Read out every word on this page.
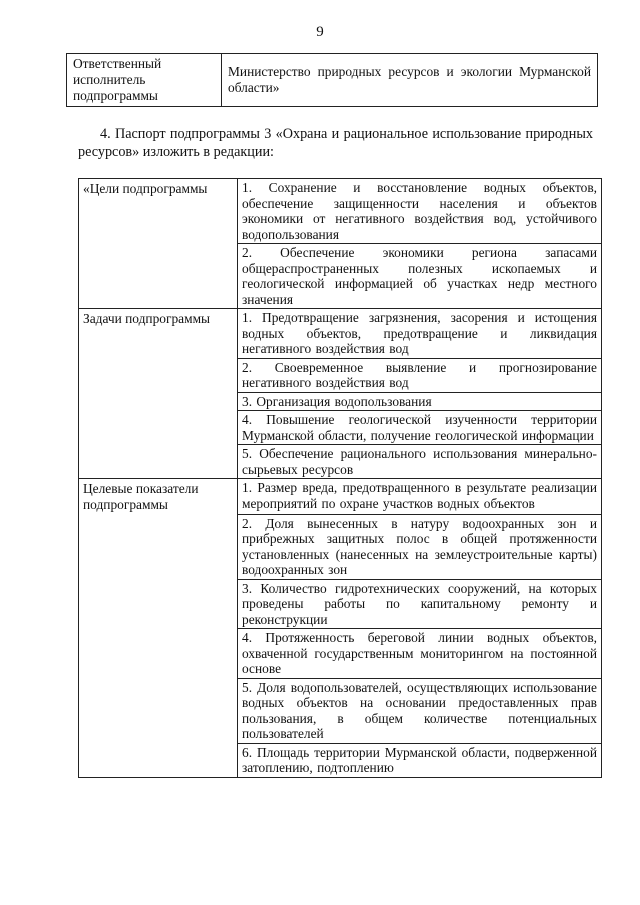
9
Ответственный исполнитель подпрограммы	Министерство природных ресурсов и экологии Мурманской области»
4. Паспорт подпрограммы 3 «Охрана и рациональное использование природных ресурсов» изложить в редакции:
«Цели подпрограммы	1. Сохранение и восстановление водных объектов, обеспечение защищенности населения и объектов экономики от негативного воздействия вод, устойчивого водопользования
	2. Обеспечение экономики региона запасами общераспространенных полезных ископаемых и геологической информацией об участках недр местного значения
Задачи подпрограммы	1. Предотвращение загрязнения, засорения и истощения водных объектов, предотвращение и ликвидация негативного воздействия вод
	2. Своевременное выявление и прогнозирование негативного воздействия вод
	3. Организация водопользования
	4. Повышение геологической изученности территории Мурманской области, получение геологической информации
	5. Обеспечение рационального использования минерально-сырьевых ресурсов
Целевые показатели подпрограммы	1. Размер вреда, предотвращенного в результате реализации мероприятий по охране участков водных объектов
	2. Доля вынесенных в натуру водоохранных зон и прибрежных защитных полос в общей протяженности установленных (нанесенных на землеустроительные карты) водоохранных зон
	3. Количество гидротехнических сооружений, на которых проведены работы по капитальному ремонту и реконструкции
	4. Протяженность береговой линии водных объектов, охваченной государственным мониторингом на постоянной основе
	5. Доля водопользователей, осуществляющих использование водных объектов на основании предоставленных прав пользования, в общем количестве потенциальных пользователей
	6. Площадь территории Мурманской области, подверженной затоплению, подтоплению
